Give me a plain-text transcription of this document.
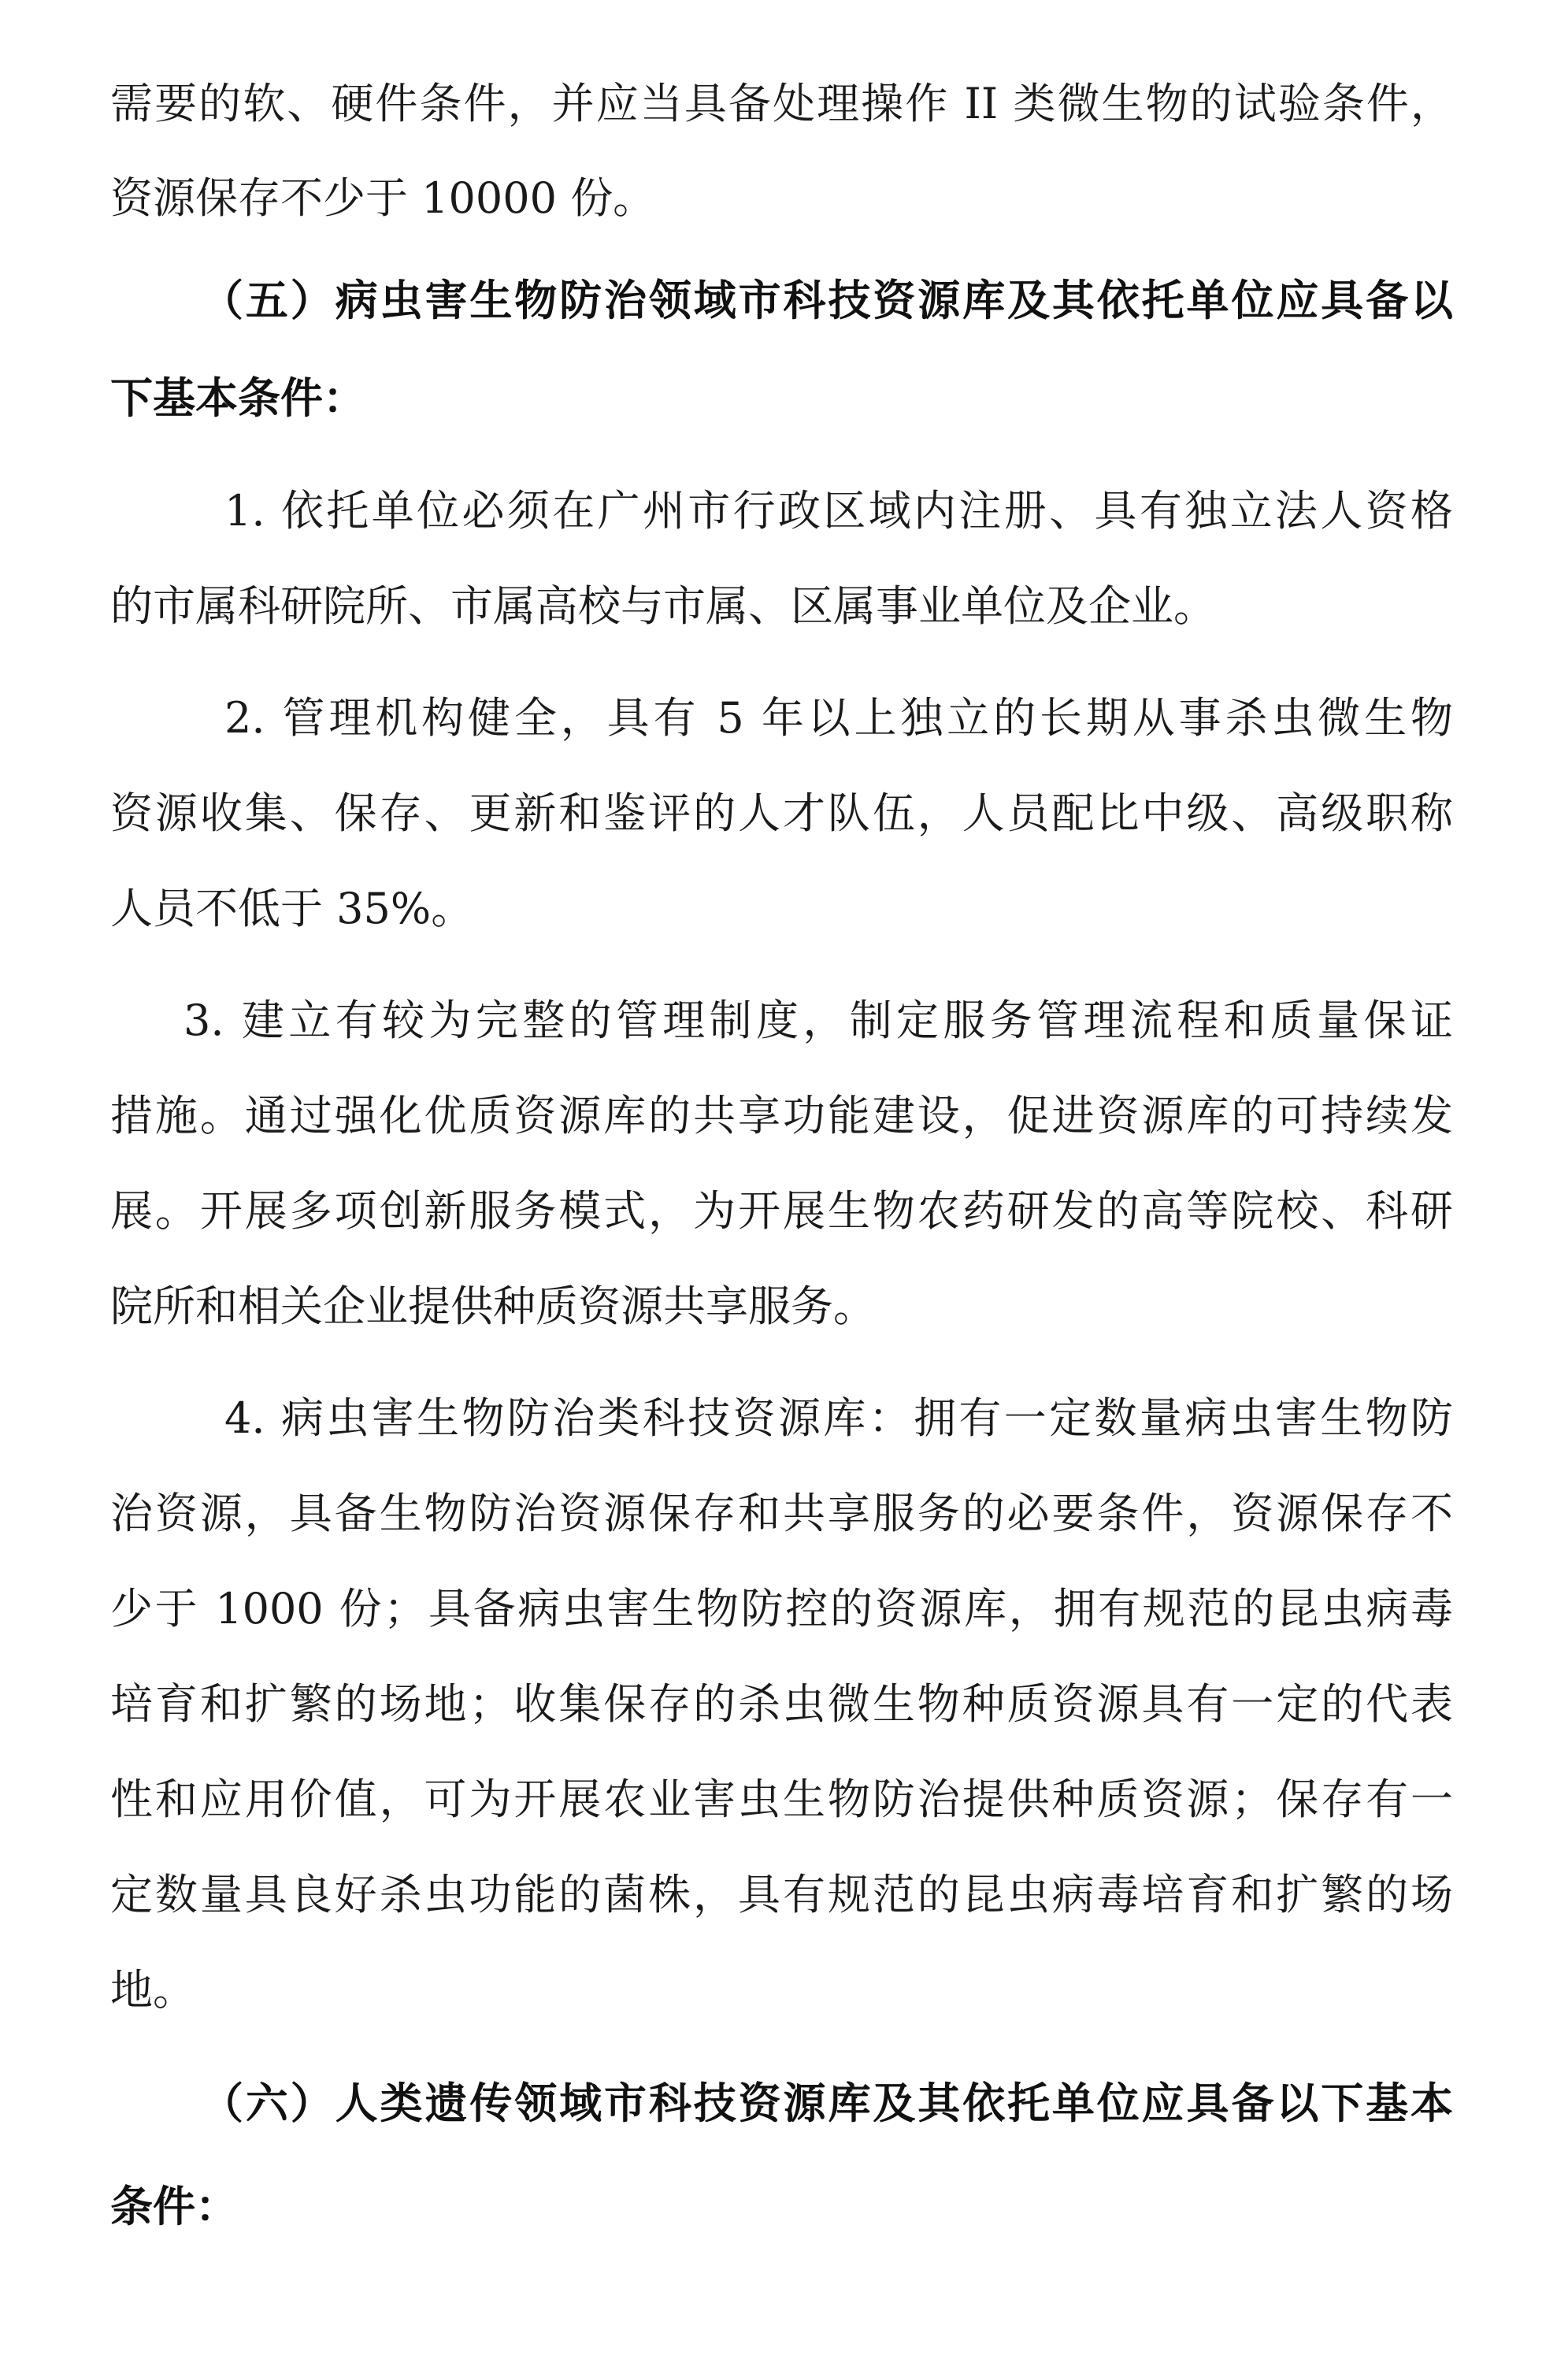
需要的软、硬件条件，并应当具备处理操作 II 类微生物的试验条件，
资源保存不少于 10000 份。
（五）病虫害生物防治领域市科技资源库及其依托单位应具备以
下基本条件：
1. 依托单位必须在广州市行政区域内注册、具有独立法人资格
的市属科研院所、市属高校与市属、区属事业单位及企业。
2. 管理机构健全，具有 5 年以上独立的长期从事杀虫微生物
资源收集、保存、更新和鉴评的人才队伍，人员配比中级、高级职称
人员不低于 35%。
3. 建立有较为完整的管理制度，制定服务管理流程和质量保证
措施。通过强化优质资源库的共享功能建设，促进资源库的可持续发
展。开展多项创新服务模式，为开展生物农药研发的高等院校、科研
院所和相关企业提供种质资源共享服务。
4. 病虫害生物防治类科技资源库：拥有一定数量病虫害生物防
治资源，具备生物防治资源保存和共享服务的必要条件，资源保存不
少于 1000 份；具备病虫害生物防控的资源库，拥有规范的昆虫病毒
培育和扩繁的场地；收集保存的杀虫微生物种质资源具有一定的代表
性和应用价值，可为开展农业害虫生物防治提供种质资源；保存有一
定数量具良好杀虫功能的菌株，具有规范的昆虫病毒培育和扩繁的场
地。
（六）人类遗传领域市科技资源库及其依托单位应具备以下基本
条件：
